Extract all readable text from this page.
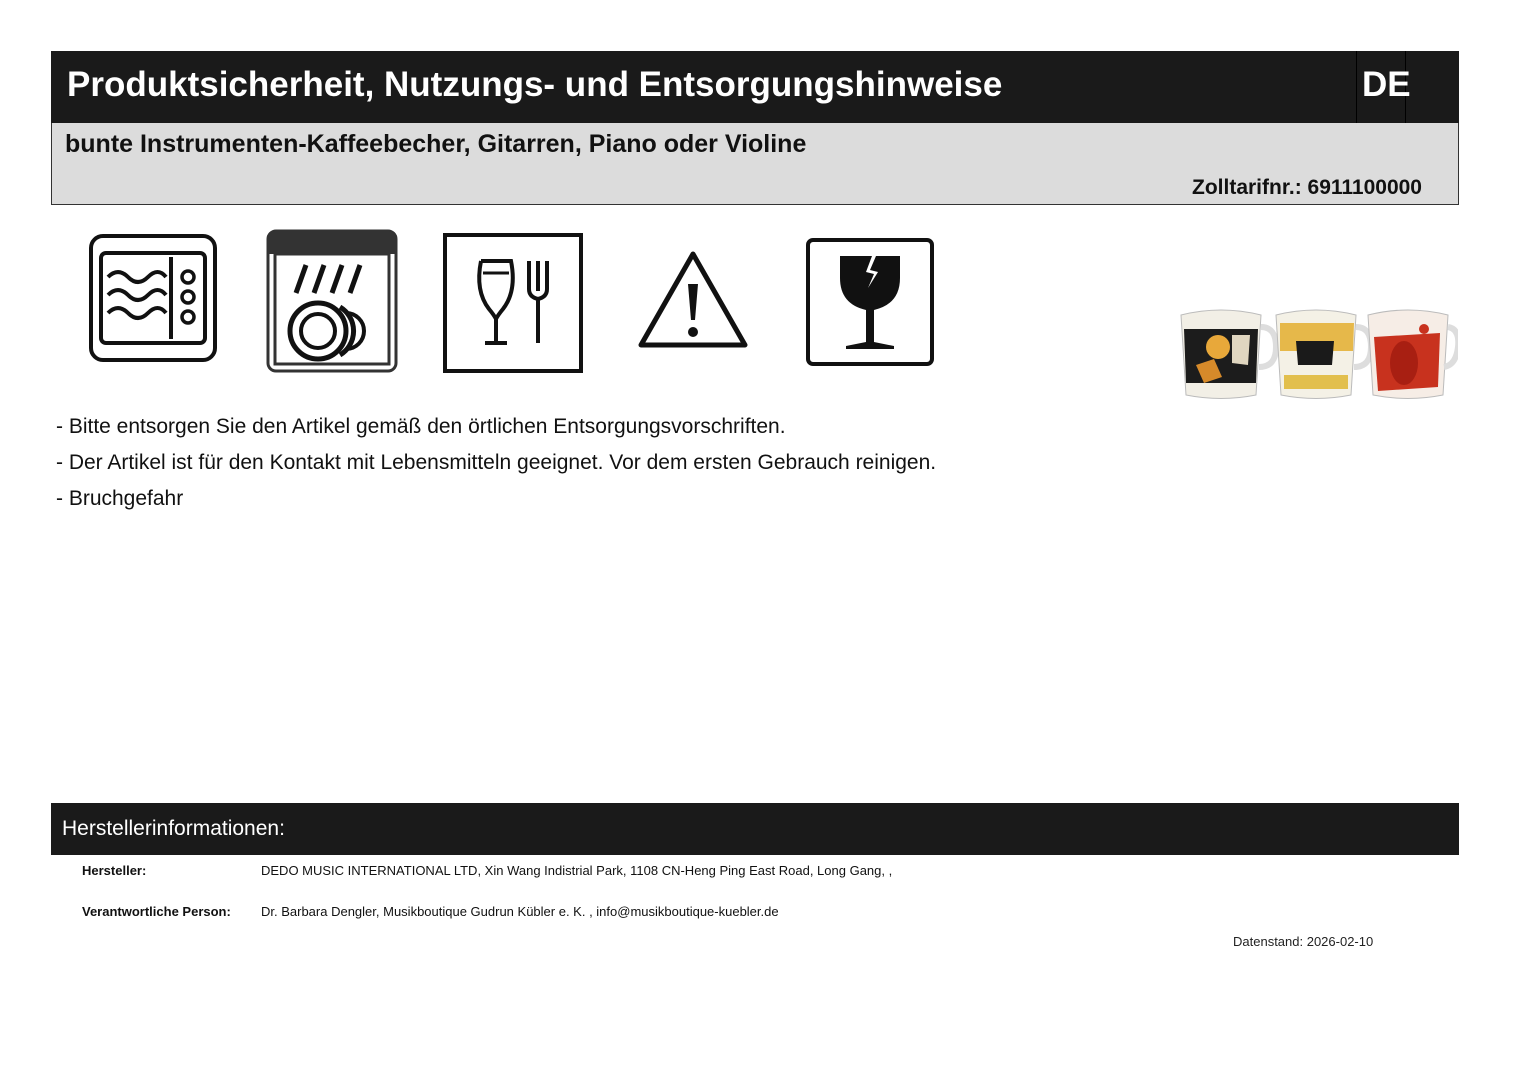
Produktsicherheit, Nutzungs- und Entsorgungshinweise	DE
bunte Instrumenten-Kaffeebecher, Gitarren, Piano oder Violine
Zolltarifnr.: 6911100000
- Bitte entsorgen Sie den Artikel gemäß den örtlichen Entsorgungsvorschriften.
- Der Artikel ist für den Kontakt mit Lebensmitteln geeignet. Vor dem ersten Gebrauch reinigen.
- Bruchgefahr
Herstellerinformationen:
Hersteller:	DEDO MUSIC INTERNATIONAL LTD, Xin Wang Indistrial Park, 1108 CN-Heng Ping East Road, Long Gang, ,
Verantwortliche Person: Dr. Barbara Dengler, Musikboutique Gudrun Kübler e. K. , info@musikboutique-kuebler.de
Datenstand: 2026-02-10
